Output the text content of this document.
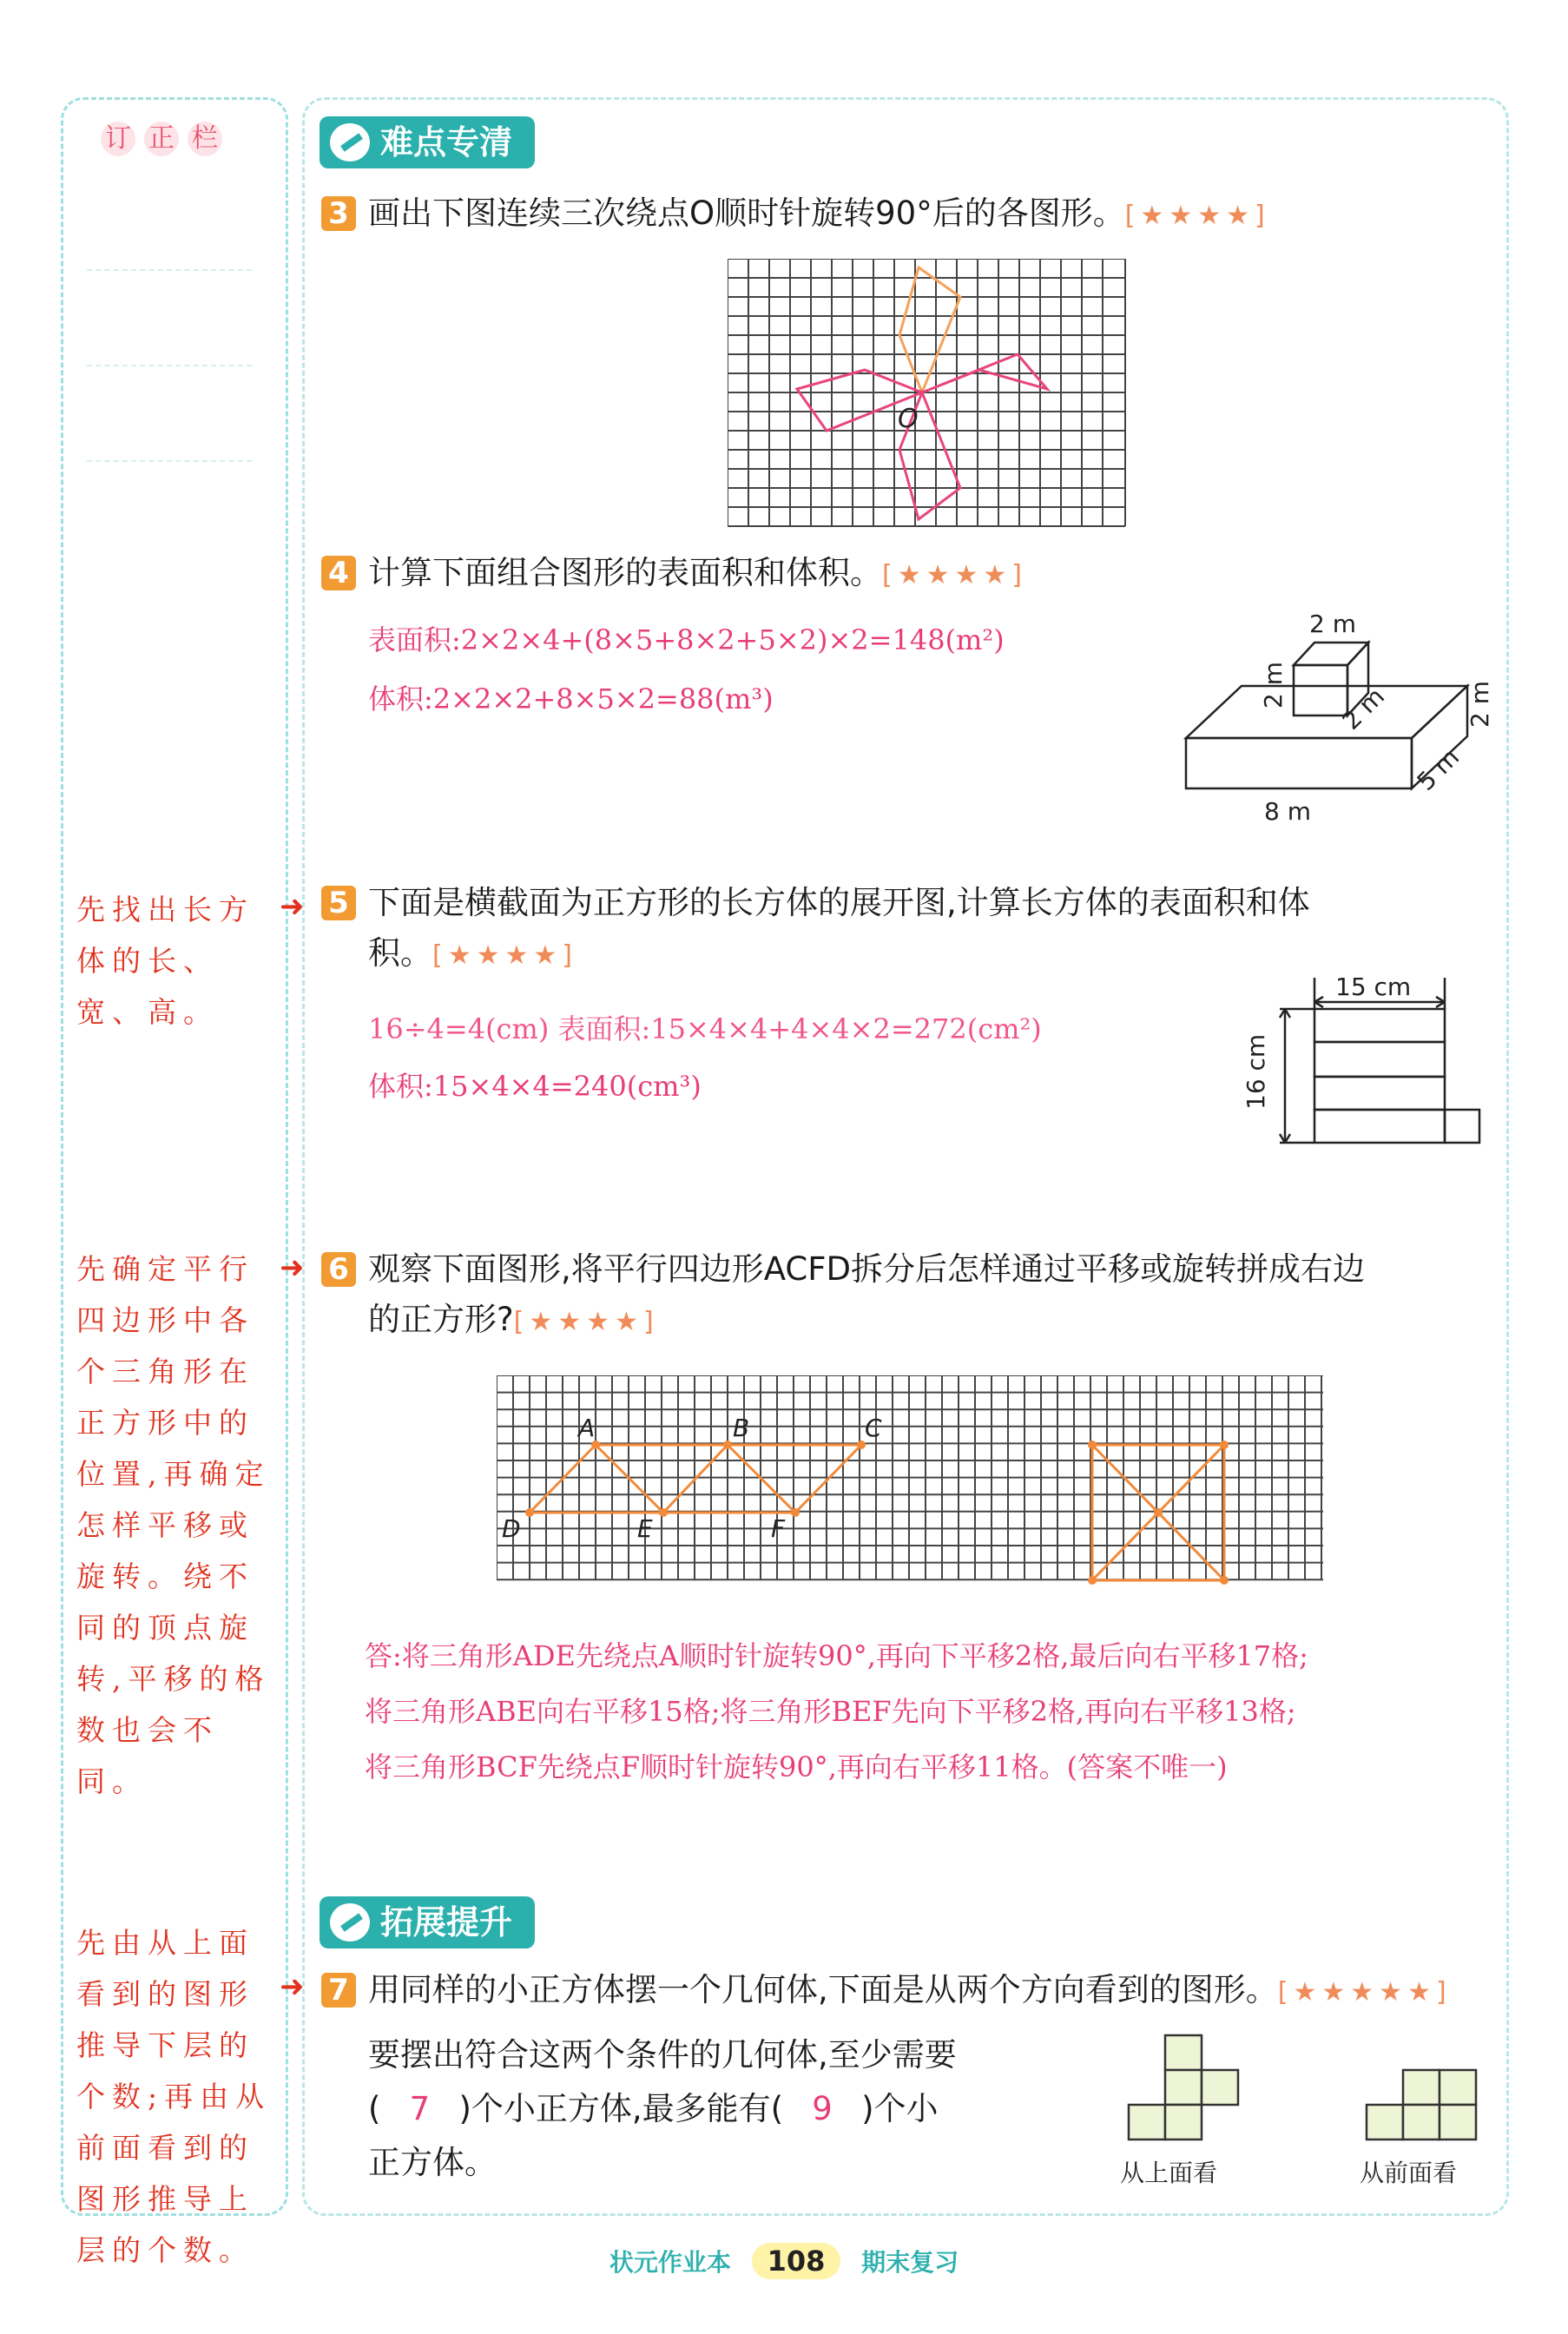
订 正 栏
先找出长方体的长、宽、高。
➜
先确定平行四边形中各个三角形在正方形中的位置,再确定怎样平移或旋转。绕不同的顶点旋转,平移的格数也会不同。
➜
先由从上面看到的图形推导下层的个数;再由从前面看到的图形推导上层的个数。
➜
难点专清
3 画出下图连续三次绕点O顺时针旋转90°后的各图形。[★★★★]
O
4 计算下面组合图形的表面积和体积。[★★★★]
表面积:2×2×4+(8×5+8×2+5×2)×2=148(m²)
体积:2×2×2+8×5×2=88(m³)
2 m
2 m 2 m	2 m
5 m
8 m
5 下面是横截面为正方形的长方体的展开图,计算长方体的表面积和体
积。[★★★★]
16÷4=4(cm) 表面积:15×4×4+4×4×2=272(cm²)
体积:15×4×4=240(cm³)
15 cm
16 cm
6 观察下面图形,将平行四边形ACFD拆分后怎样通过平移或旋转拼成右边
的正方形?[★★★★]
A	B	C
D	E	F
答:将三角形ADE先绕点A顺时针旋转90°,再向下平移2格,最后向右平移17格;
将三角形ABE向右平移15格;将三角形BEF先向下平移2格,再向右平移13格;
将三角形BCF先绕点F顺时针旋转90°,再向右平移11格。(答案不唯一)
拓展提升
7 用同样的小正方体摆一个几何体,下面是从两个方向看到的图形。[★★★★★]
要摆出符合这两个条件的几何体,至少需要
( 7 )个小正方体,最多能有( 9 )个小
正方体。	从上面看	从前面看
状元作业本 108 期末复习
